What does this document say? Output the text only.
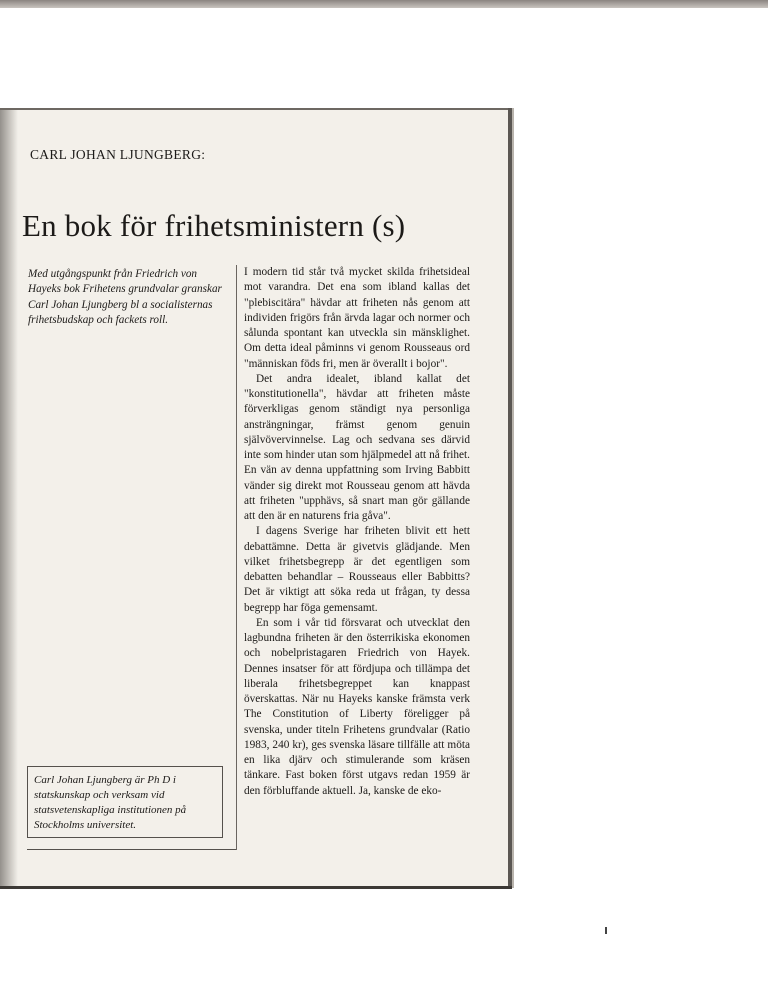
CARL JOHAN LJUNGBERG:
En bok för frihetsministern (s)
Med utgångspunkt från Friedrich von Hayeks bok Frihetens grundvalar granskar Carl Johan Ljungberg bl a socialisternas frihetsbudskap och fackets roll.

I modern tid står två mycket skilda frihetsideal mot varandra. Det ena som ibland kallas det "plebiscitära" hävdar att friheten nås genom att individen frigörs från ärvda lagar och normer och sålunda spontant kan utveckla sin mänsklighet. Om detta ideal påminns vi genom Rousseaus ord "människan föds fri, men är överallt i bojor".

Det andra idealet, ibland kallat det "konstitutionella", hävdar att friheten måste förverkligas genom ständigt nya personliga ansträngningar, främst genom genuin självövervinnelse. Lag och sedvana ses därvid inte som hinder utan som hjälpmedel att nå frihet. En vän av denna uppfattning som Irving Babbitt vänder sig direkt mot Rousseau genom att hävda att friheten "upphävs, så snart man gör gällande att den är en naturens fria gåva".

I dagens Sverige har friheten blivit ett hett debattämne. Detta är givetvis glädjande. Men vilket frihetsbegrepp är det egentligen som debatten behandlar – Rousseaus eller Babbitts? Det är viktigt att söka reda ut frågan, ty dessa begrepp har föga gemensamt.

En som i vår tid försvarat och utvecklat den lagbundna friheten är den österrikiska ekonomen och nobelpristagaren Friedrich von Hayek. Dennes insatser för att fördjupa och tillämpa det liberala frihetsbegreppet kan knappast överskattas. När nu Hayeks kanske främsta verk The Constitution of Liberty föreligger på svenska, under titeln Frihetens grundvalar (Ratio 1983, 240 kr), ges svenska läsare tillfälle att möta en lika djärv och stimulerande som kräsen tänkare. Fast boken först utgavs redan 1959 är den förbluffande aktuell. Ja, kanske de eko-

Carl Johan Ljungberg är Ph D i statskunskap och verksam vid statsvetenskapliga institutionen på Stockholms universitet.
